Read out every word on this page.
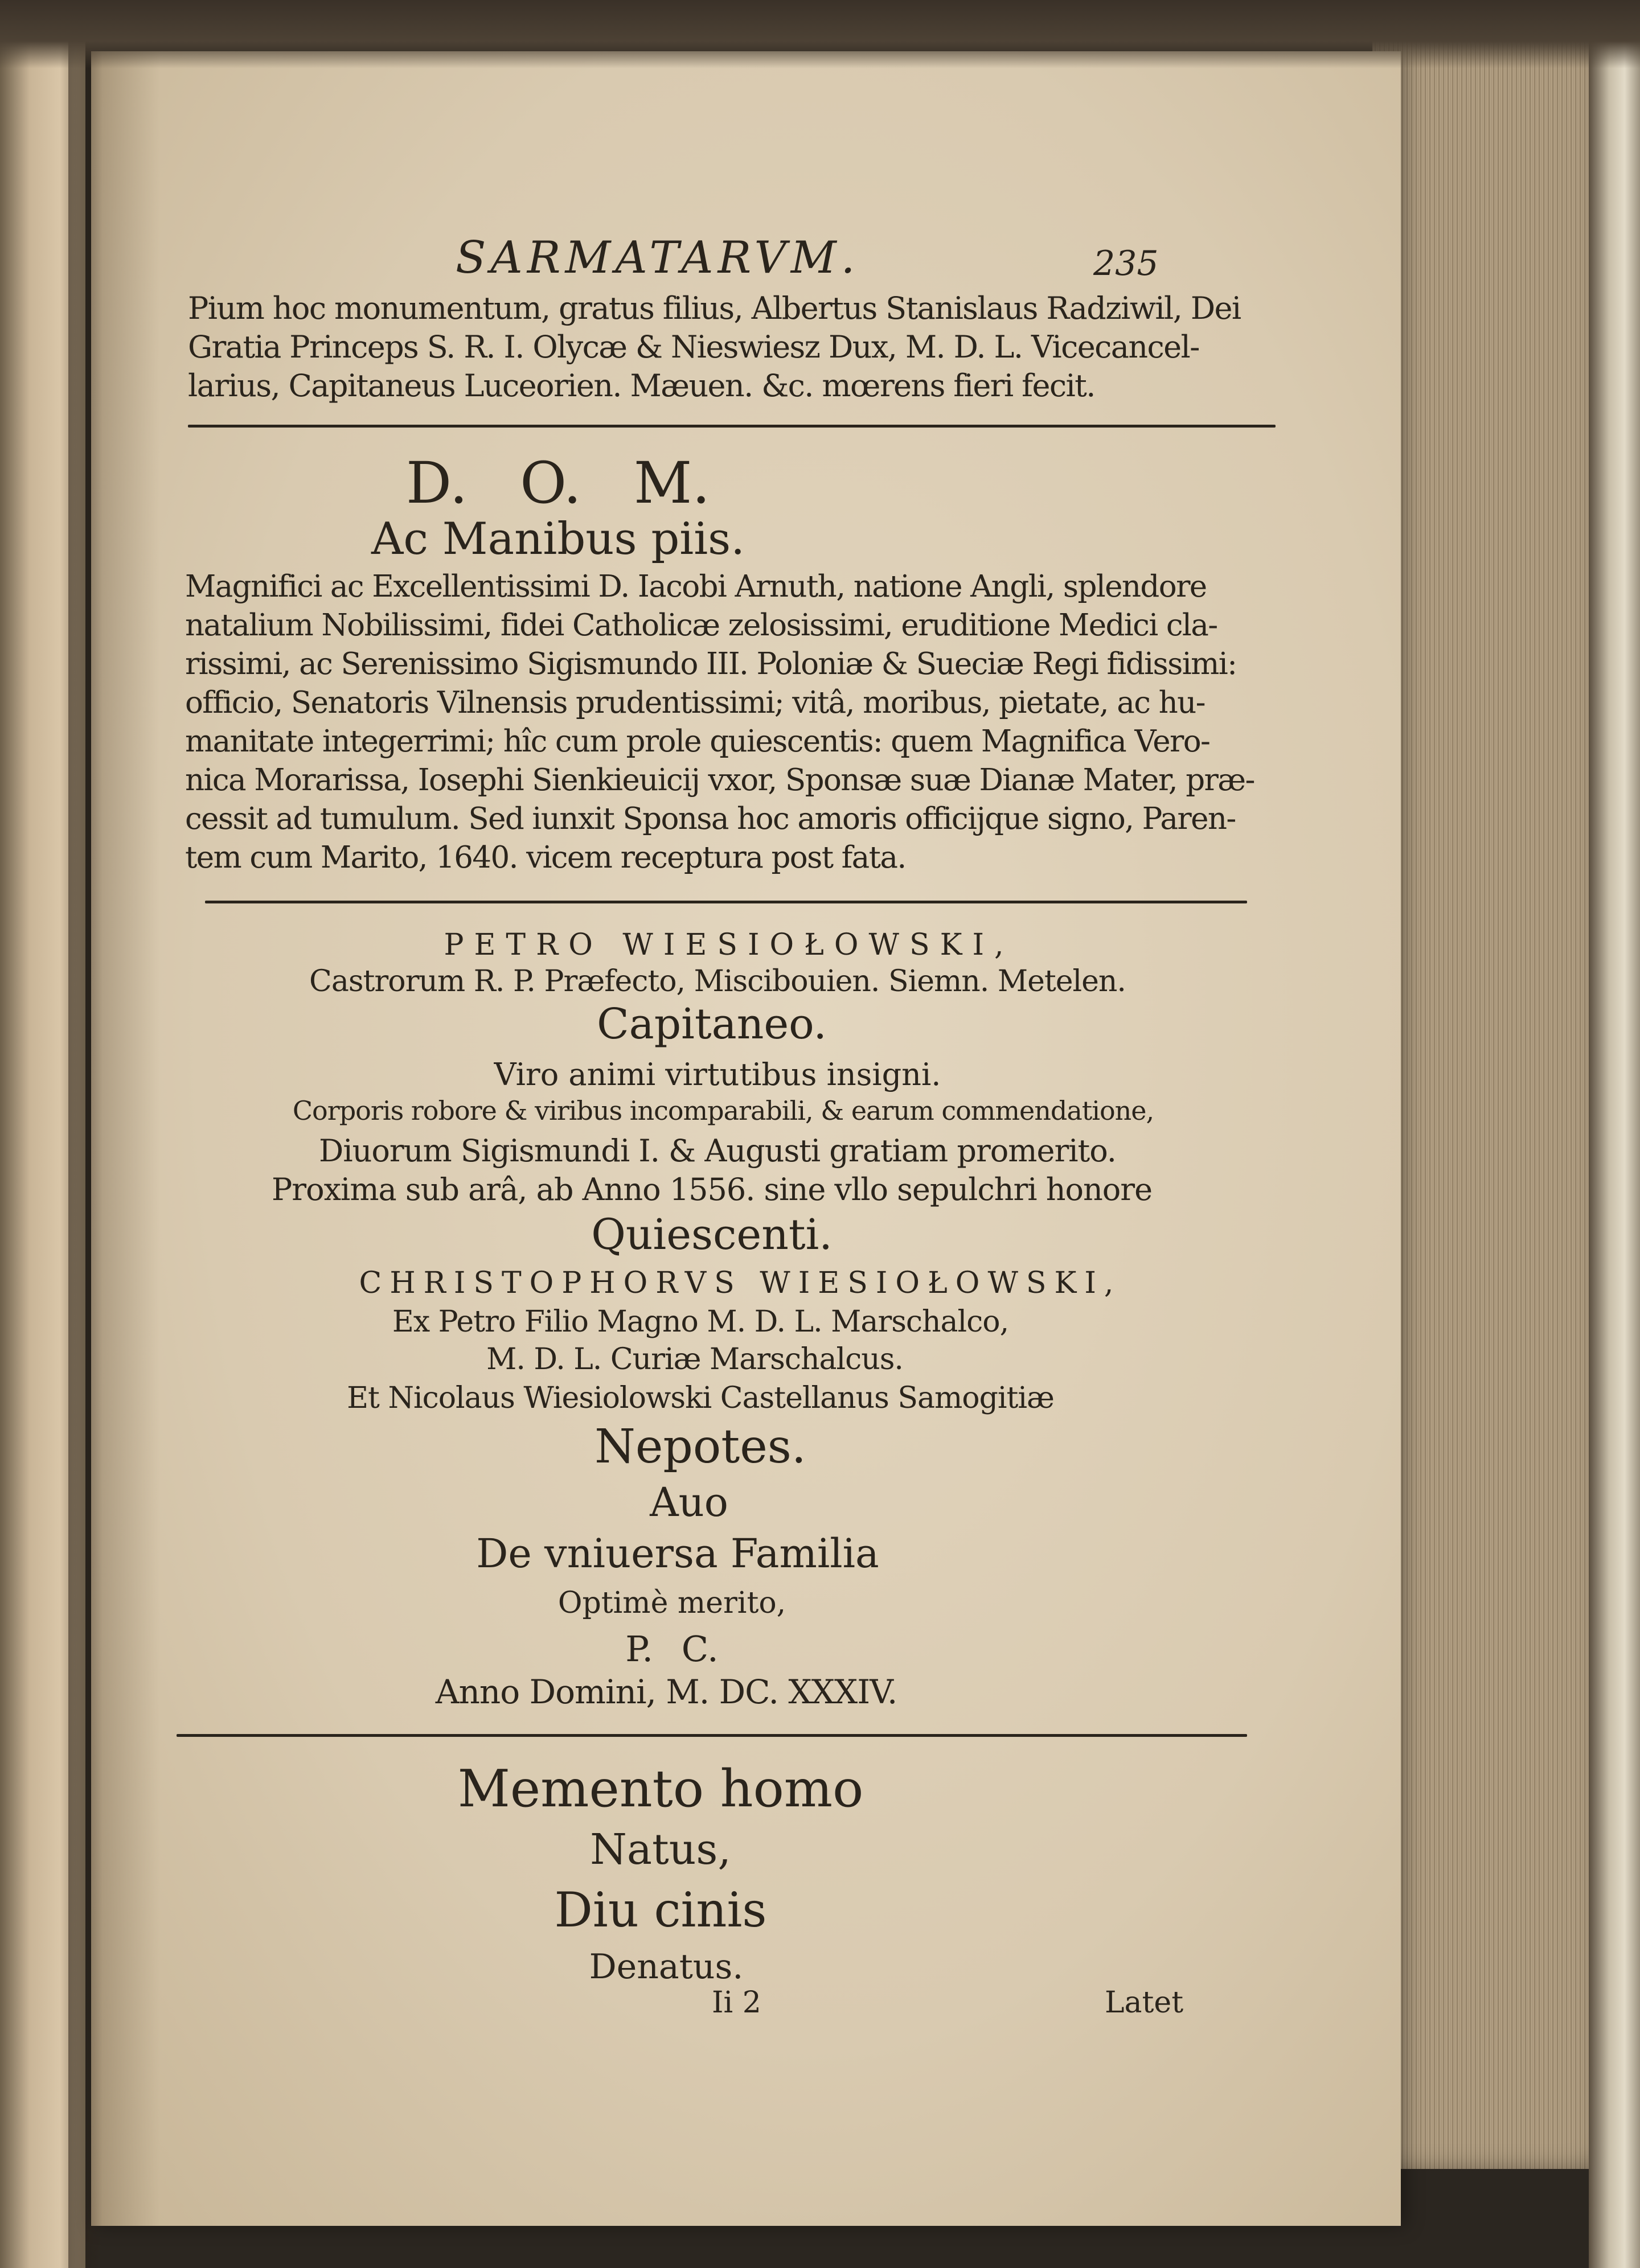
SARMATARVM.	235
Pium hoc monumentum, gratus filius, Albertus Stanislaus Radziwil, Dei
Gratia Princeps S. R. I. Olycæ & Nieswiesz Dux, M. D. L. Vicecancel-
larius, Capitaneus Luceorien. Mæuen. &c. mœrens fieri fecit.
D. O. M.
Ac Manibus piis.
Magnifici ac Excellentissimi D. Iacobi Arnuth, natione Angli, splendore
natalium Nobilissimi, fidei Catholicæ zelosissimi, eruditione Medici cla-
rissimi, ac Serenissimo Sigismundo III. Poloniæ & Sueciæ Regi fidissimi:
officio, Senatoris Vilnensis prudentissimi; vitâ, moribus, pietate, ac hu-
manitate integerrimi; hîc cum prole quiescentis: quem Magnifica Vero-
nica Morarissa, Iosephi Sienkieuicij vxor, Sponsæ suæ Dianæ Mater, præ-
cessit ad tumulum. Sed iunxit Sponsa hoc amoris officijque signo, Paren-
tem cum Marito, 1640. vicem receptura post fata.
PETRO WIESIOŁOWSKI,
Castrorum R. P. Præfecto, Miscibouien. Siemn. Metelen.
Capitaneo.
Viro animi virtutibus insigni.
Corporis robore & viribus incomparabili, & earum commendatione,
Diuorum Sigismundi I. & Augusti gratiam promerito.
Proxima sub arâ, ab Anno 1556. sine vllo sepulchri honore
Quiescenti.
CHRISTOPHORVS WIESIOŁOWSKI,
Ex Petro Filio Magno M. D. L. Marschalco,
M. D. L. Curiæ Marschalcus.
Et Nicolaus Wiesiolowski Castellanus Samogitiæ
Nepotes.
Auo
De vniuersa Familia
Optimè merito,
P. C.
Anno Domini, M. DC. XXXIV.
Memento homo
Natus,
Diu cinis
Denatus.
Ii 2	Latet
